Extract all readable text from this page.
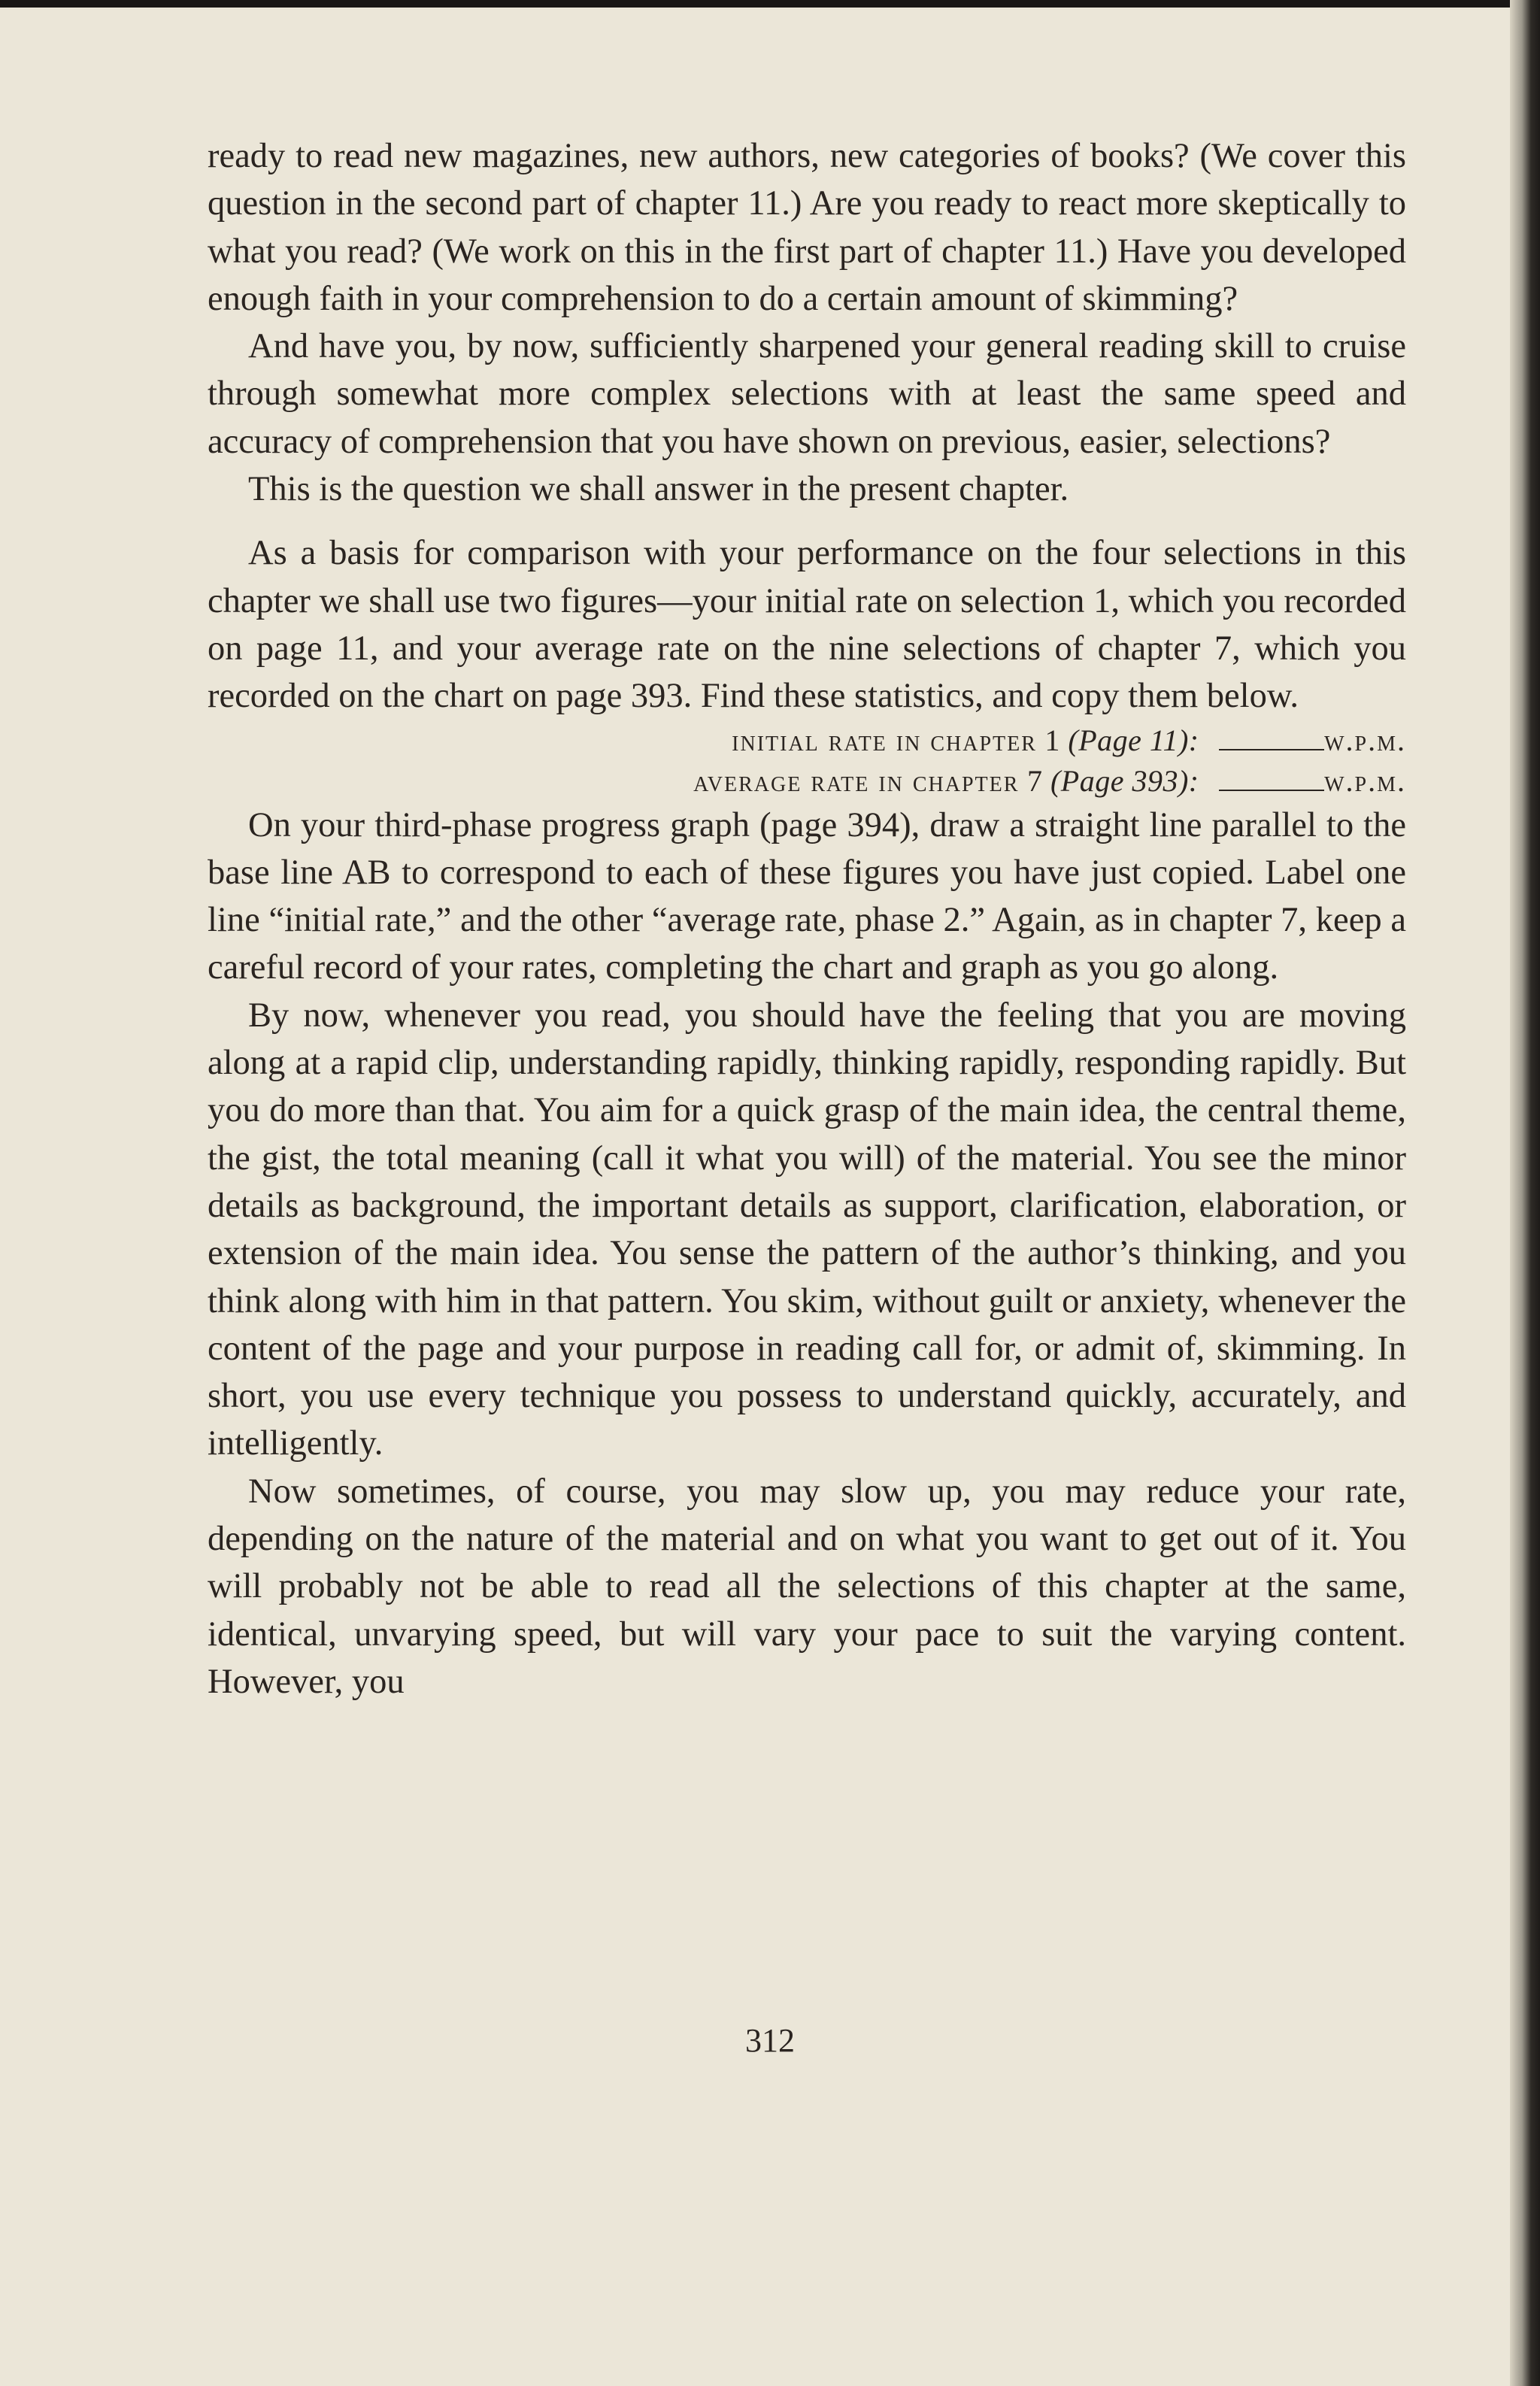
ready to read new magazines, new authors, new categories of books? (We cover this question in the second part of chapter 11.) Are you ready to react more skeptically to what you read? (We work on this in the first part of chapter 11.) Have you developed enough faith in your comprehension to do a certain amount of skimming?

And have you, by now, sufficiently sharpened your general reading skill to cruise through somewhat more complex selections with at least the same speed and accuracy of comprehension that you have shown on previous, easier, selections?

This is the question we shall answer in the present chapter.

As a basis for comparison with your performance on the four selections in this chapter we shall use two figures—your initial rate on selection 1, which you recorded on page 11, and your average rate on the nine selections of chapter 7, which you recorded on the chart on page 393. Find these statistics, and copy them below.

initial rate in chapter 1 (Page 11):	w.p.m.

average rate in chapter 7 (Page 393):	w.p.m.

On your third-phase progress graph (page 394), draw a straight line parallel to the base line AB to correspond to each of these figures you have just copied. Label one line “initial rate,” and the other “average rate, phase 2.” Again, as in chapter 7, keep a careful record of your rates, completing the chart and graph as you go along.

By now, whenever you read, you should have the feeling that you are moving along at a rapid clip, understanding rapidly, thinking rapidly, responding rapidly. But you do more than that. You aim for a quick grasp of the main idea, the central theme, the gist, the total meaning (call it what you will) of the material. You see the minor details as background, the important details as support, clarification, elaboration, or extension of the main idea. You sense the pattern of the author’s thinking, and you think along with him in that pattern. You skim, without guilt or anxiety, whenever the content of the page and your purpose in reading call for, or admit of, skimming. In short, you use every technique you possess to understand quickly, accurately, and intelligently.

Now sometimes, of course, you may slow up, you may reduce your rate, depending on the nature of the material and on what you want to get out of it. You will probably not be able to read all the selections of this chapter at the same, identical, unvarying speed, but will vary your pace to suit the varying content. However, you

312
